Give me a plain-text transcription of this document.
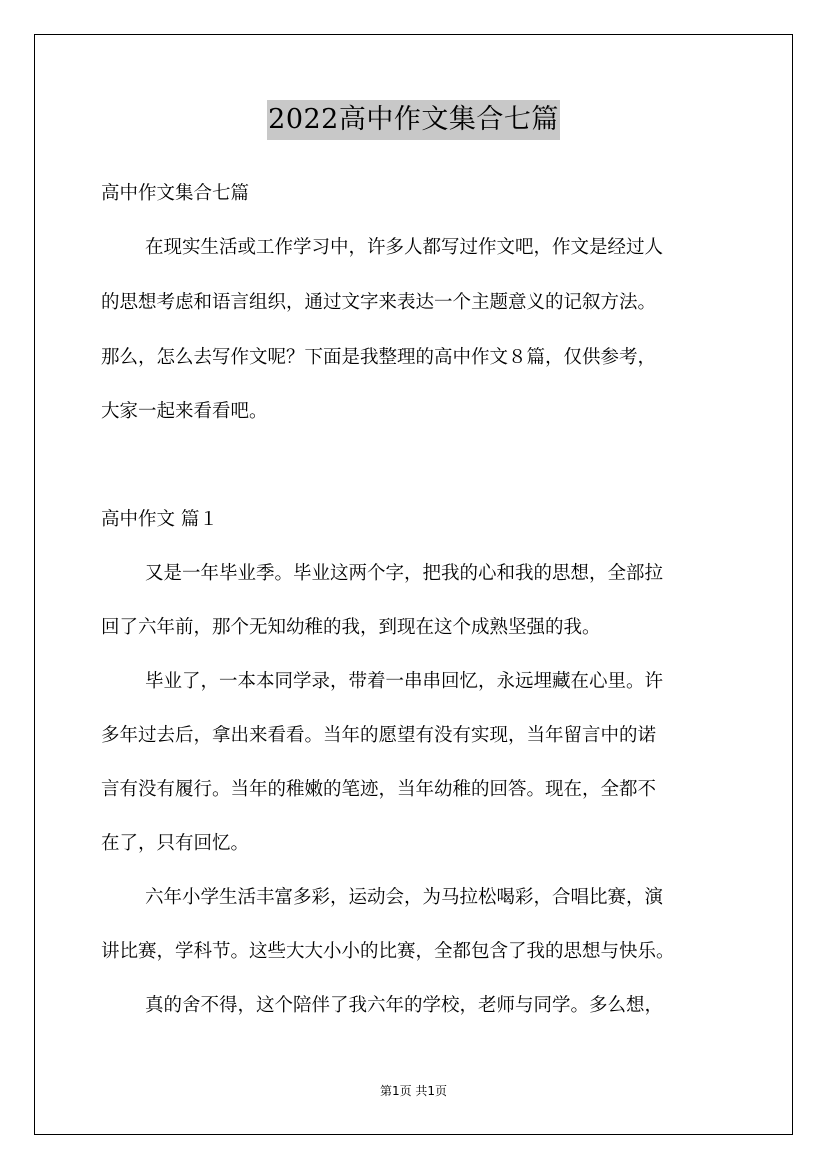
2022高中作文集合七篇
高中作文集合七篇
在现实生活或工作学习中，许多人都写过作文吧，作文是经过人
的思想考虑和语言组织，通过文字来表达一个主题意义的记叙方法。
那么，怎么去写作文呢？下面是我整理的高中作文８篇，仅供参考，
大家一起来看看吧。
高中作文 篇１
又是一年毕业季。毕业这两个字，把我的心和我的思想，全部拉
回了六年前，那个无知幼稚的我，到现在这个成熟坚强的我。
毕业了，一本本同学录，带着一串串回忆，永远埋藏在心里。许
多年过去后，拿出来看看。当年的愿望有没有实现，当年留言中的诺
言有没有履行。当年的稚嫩的笔迹，当年幼稚的回答。现在，全都不
在了，只有回忆。
六年小学生活丰富多彩，运动会，为马拉松喝彩，合唱比赛，演
讲比赛，学科节。这些大大小小的比赛，全都包含了我的思想与快乐。
真的舍不得，这个陪伴了我六年的学校，老师与同学。多么想，
第1页 共1页
